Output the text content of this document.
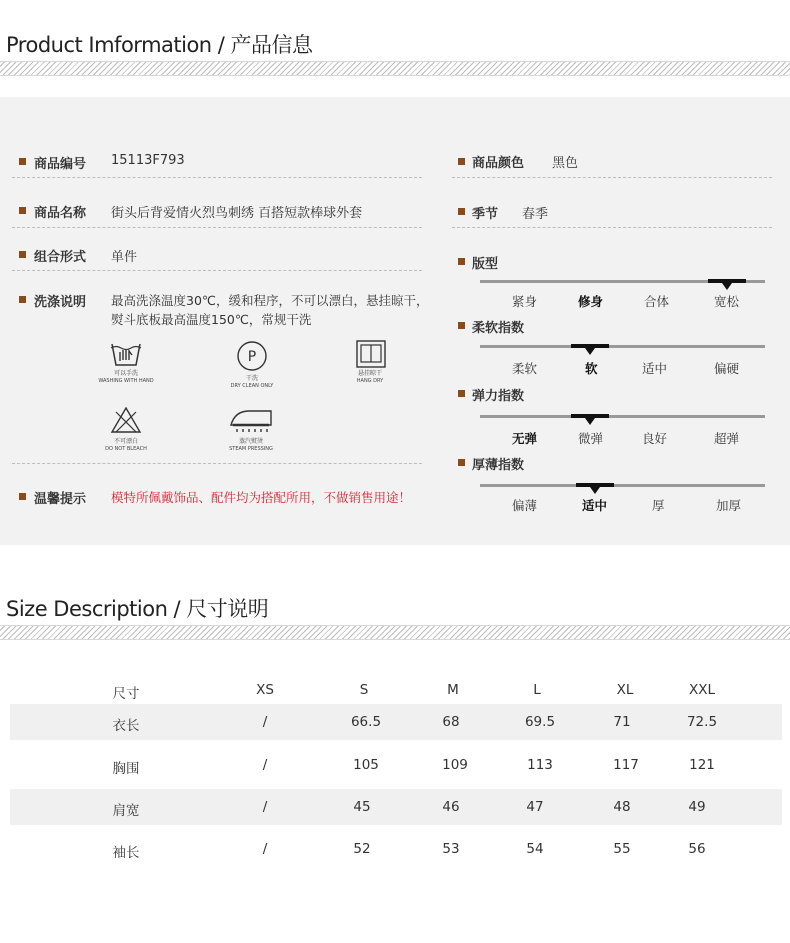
Product Imformation / 产品信息
商品编号 15113F793
商品名称 街头后背爱情火烈鸟刺绣 百搭短款棒球外套
组合形式 单件
洗涤说明 最高洗涤温度30℃，缓和程序，不可以漂白，悬挂晾干，
熨斗底板最高温度150℃，常规干洗
可以手洗
WASHING WITH HAND
P
干洗
DRY CLEAN ONLY
悬挂晾干
HANG DRY
不可漂白
DO NOT BLEACH
蒸汽熨烫
STEAM PRESSING
温馨提示 模特所佩戴饰品、配件均为搭配所用，不做销售用途！
商品颜色 黑色
季节 春季
版型
紧身	修身	合体	宽松
柔软指数
柔软	软	适中	偏硬
弹力指数
无弹	微弹	良好	超弹
厚薄指数
偏薄	适中	厚	加厚
Size Description / 尺寸说明
尺寸	XS	S	M	L	XL	XXL
衣长	/	66.5	68	69.5	71	72.5
胸围	/	105	109	113	117	121
肩宽	/	45	46	47	48	49
袖长	/	52	53	54	55	56
